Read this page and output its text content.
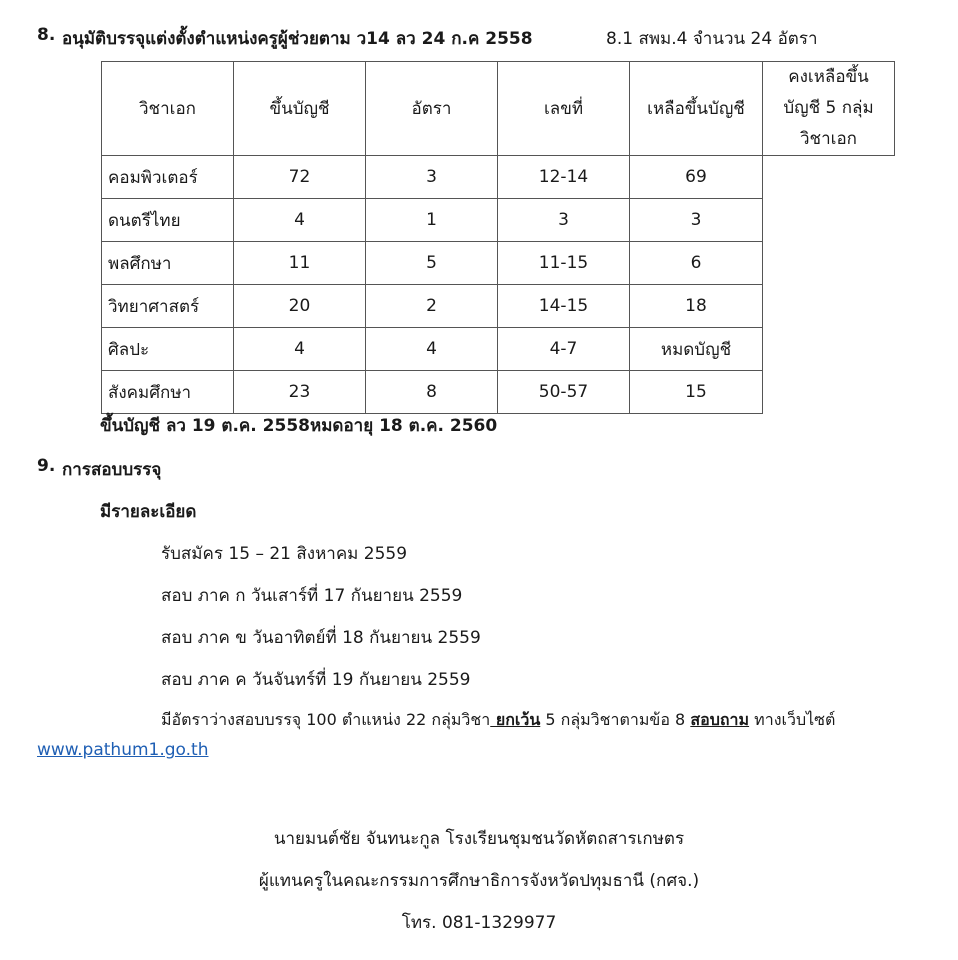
8. อนุมัติบรรจุแต่งตั้งตำแหน่งครูผู้ช่วยตาม ว14 ลว 24 ก.ค 2558	8.1 สพม.4 จำนวน 24 อัตรา
วิชาเอก	ขึ้นบัญชี	อัตรา	เลขที่	เหลือขึ้นบัญชี	คงเหลือขึ้น
บัญชี 5 กลุ่ม
วิชาเอก

คอมพิวเตอร์	72	3	12-14	69	
ดนตรีไทย	4	1	3	3	
พลศึกษา	11	5	11-15	6	
วิทยาศาสตร์	20	2	14-15	18	
ศิลปะ	4	4	4-7	หมดบัญชี	
สังคมศึกษา	23	8	50-57	15	
ขึ้นบัญชี ลว 19 ต.ค. 2558หมดอายุ 18 ต.ค. 2560
9. การสอบบรรจุ
มีรายละเอียด
รับสมัคร 15 – 21 สิงหาคม 2559
สอบ ภาค ก วันเสาร์ที่ 17 กันยายน 2559
สอบ ภาค ข วันอาทิตย์ที่ 18 กันยายน 2559
สอบ ภาค ค วันจันทร์ที่ 19 กันยายน 2559
มีอัตราว่างสอบบรรจุ 100 ตำแหน่ง 22 กลุ่มวิชา ยกเว้น 5 กลุ่มวิชาตามข้อ 8 สอบถาม ทางเว็บไซต์
www.pathum1.go.th
นายมนต์ชัย จันทนะกูล โรงเรียนชุมชนวัดหัตถสารเกษตร
ผู้แทนครูในคณะกรรมการศึกษาธิการจังหวัดปทุมธานี (กศจ.)
โทร. 081-1329977
